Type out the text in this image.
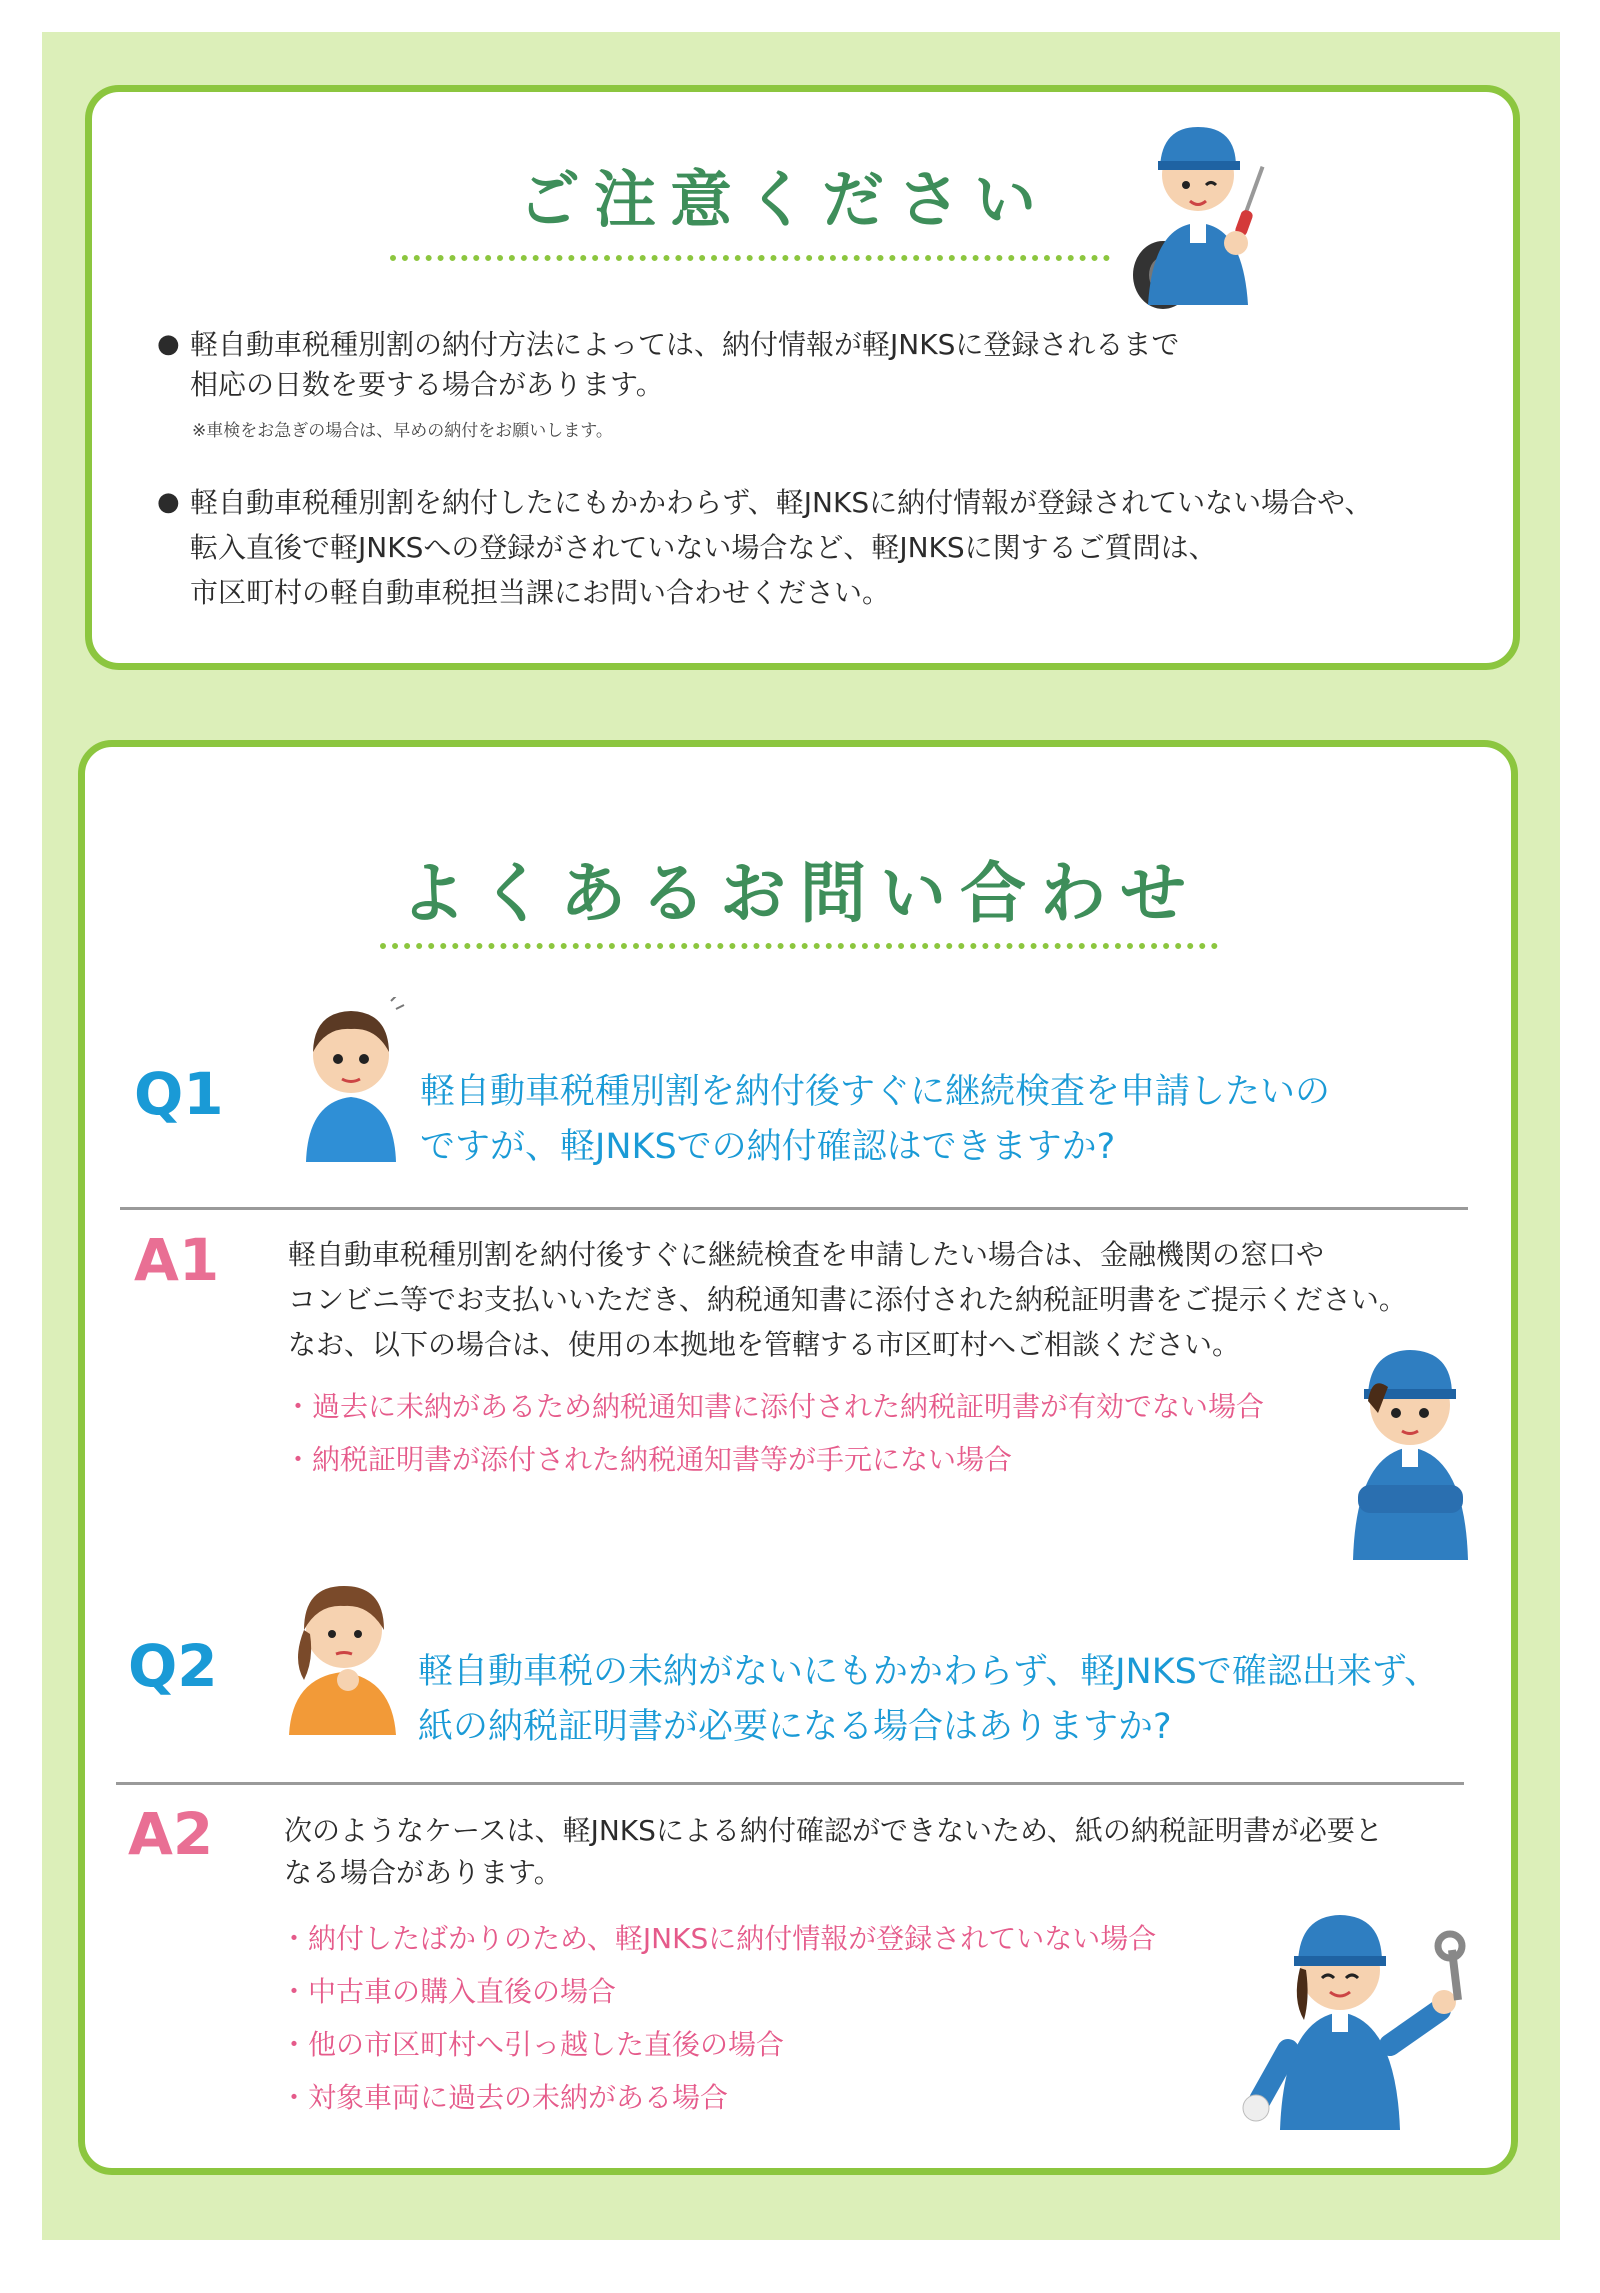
ご注意ください
● 軽自動車税種別割の納付方法によっては、納付情報が軽JNKSに登録されるまで
相応の日数を要する場合があります。
※車検をお急ぎの場合は、早めの納付をお願いします。
● 軽自動車税種別割を納付したにもかかわらず、軽JNKSに納付情報が登録されていない場合や、
転入直後で軽JNKSへの登録がされていない場合など、軽JNKSに関するご質問は、
市区町村の軽自動車税担当課にお問い合わせください。
よくあるお問い合わせ
Q1	軽自動車税種別割を納付後すぐに継続検査を申請したいの
ですが、軽JNKSでの納付確認はできますか?
A1 軽自動車税種別割を納付後すぐに継続検査を申請したい場合は、金融機関の窓口や
コンビニ等でお支払いいただき、納税通知書に添付された納税証明書をご提示ください。
なお、以下の場合は、使用の本拠地を管轄する市区町村へご相談ください。
・過去に未納があるため納税通知書に添付された納税証明書が有効でない場合
・納税証明書が添付された納税通知書等が手元にない場合
Q2	軽自動車税の未納がないにもかかわらず、軽JNKSで確認出来ず、
紙の納税証明書が必要になる場合はありますか?
A2	次のようなケースは、軽JNKSによる納付確認ができないため、紙の納税証明書が必要と
なる場合があります。
・納付したばかりのため、軽JNKSに納付情報が登録されていない場合
・中古車の購入直後の場合
・他の市区町村へ引っ越した直後の場合
・対象車両に過去の未納がある場合
